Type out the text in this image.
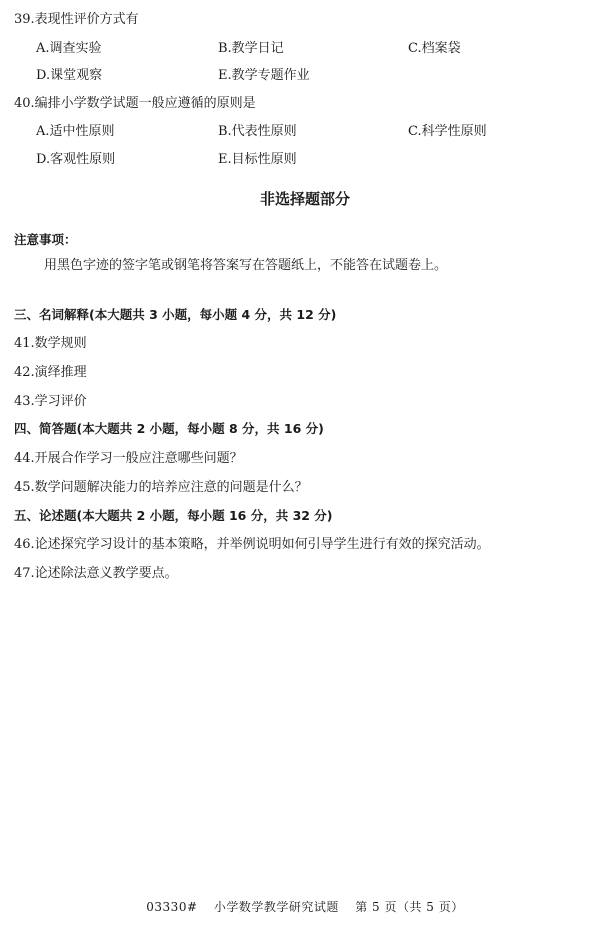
39.表现性评价方式有
A.调查实验	B.教学日记	C.档案袋
D.课堂观察	E.教学专题作业
40.编排小学数学试题一般应遵循的原则是
A.适中性原则	B.代表性原则	C.科学性原则
D.客观性原则	E.目标性原则
非选择题部分
注意事项：
用黑色字迹的签字笔或钢笔将答案写在答题纸上，不能答在试题卷上。
三、名词解释(本大题共 3 小题，每小题 4 分，共 12 分)
41.数学规则
42.演绎推理
43.学习评价
四、简答题(本大题共 2 小题，每小题 8 分，共 16 分)
44.开展合作学习一般应注意哪些问题？
45.数学问题解决能力的培养应注意的问题是什么？
五、论述题(本大题共 2 小题，每小题 16 分，共 32 分)
46.论述探究学习设计的基本策略，并举例说明如何引导学生进行有效的探究活动。
47.论述除法意义教学要点。
03330# 小学数学教学研究试题 第 5 页（共 5 页）
